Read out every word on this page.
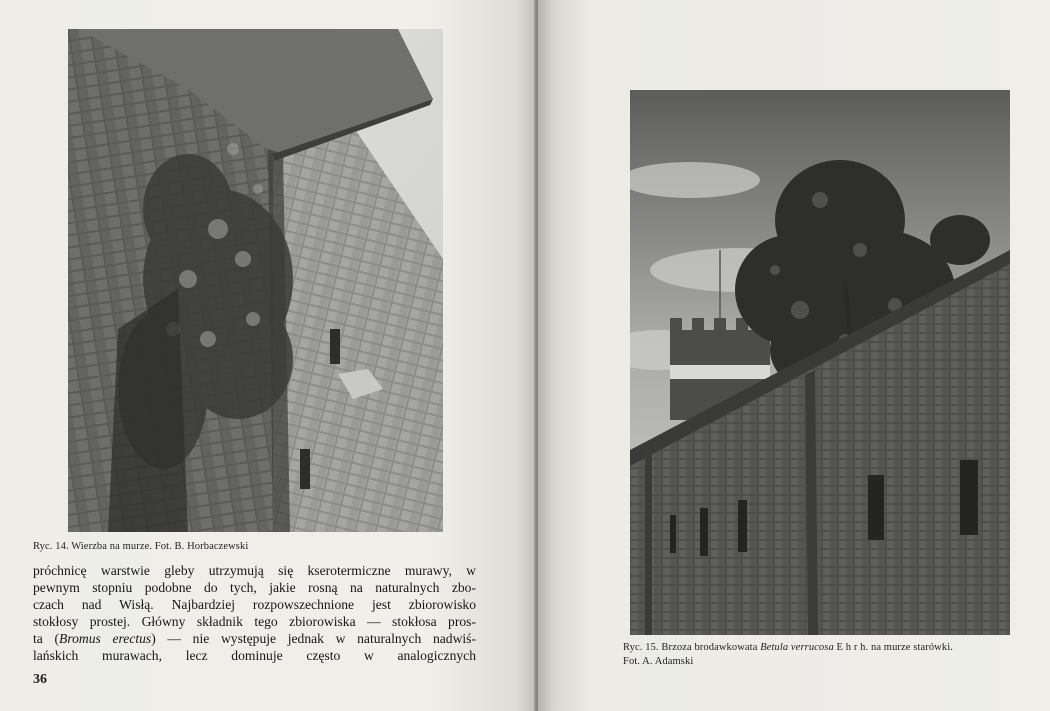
Ryc. 14. Wierzba na murze. Fot. B. Horbaczewski
próchnicę warstwie gleby utrzymują się kserotermiczne murawy, w
pewnym stopniu podobne do tych, jakie rosną na naturalnych zbo-
czach nad Wisłą. Najbardziej rozpowszechnione jest zbiorowisko
stokłosy prostej. Główny składnik tego zbiorowiska — stokłosa pros-
ta (Bromus erectus) — nie występuje jednak w naturalnych nadwiś-
lańskich murawach, lecz dominuje często w analogicznych
36
Ryc. 15. Brzoza brodawkowata Betula verrucosa E h r h. na murze starówki.
Fot. A. Adamski
